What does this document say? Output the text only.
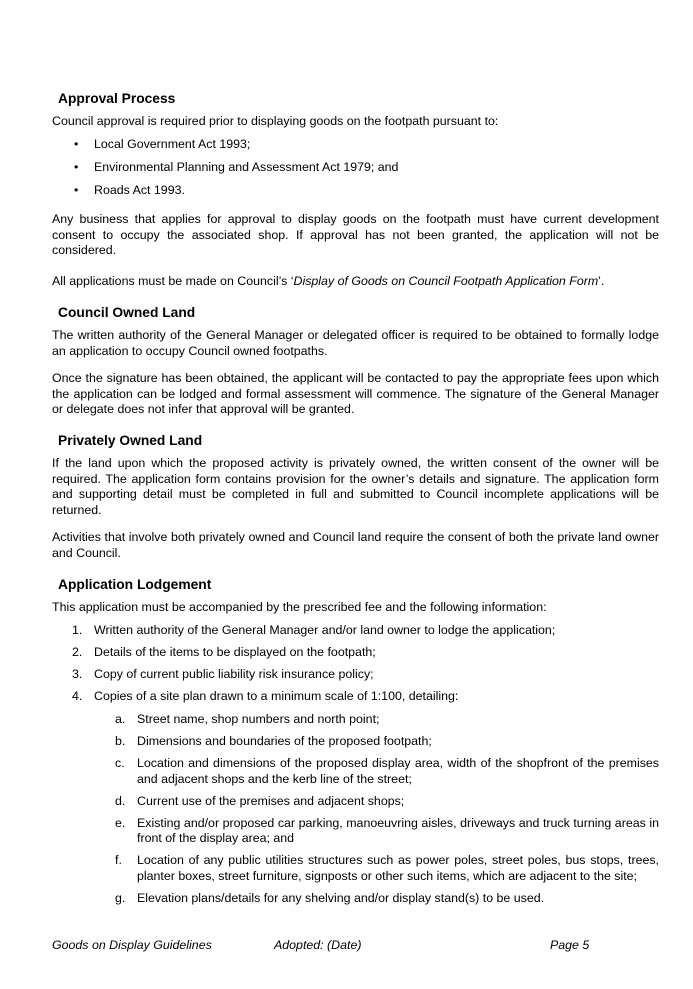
Approval Process

Council approval is required prior to displaying goods on the footpath pursuant to:

• Local Government Act 1993;
• Environmental Planning and Assessment Act 1979; and
• Roads Act 1993.

Any business that applies for approval to display goods on the footpath must have current development consent to occupy the associated shop. If approval has not been granted, the application will not be considered.

All applications must be made on Council’s ‘Display of Goods on Council Footpath Application Form’.

Council Owned Land

The written authority of the General Manager or delegated officer is required to be obtained to formally lodge an application to occupy Council owned footpaths.

Once the signature has been obtained, the applicant will be contacted to pay the appropriate fees upon which the application can be lodged and formal assessment will commence. The signature of the General Manager or delegate does not infer that approval will be granted.

Privately Owned Land

If the land upon which the proposed activity is privately owned, the written consent of the owner will be required. The application form contains provision for the owner’s details and signature. The application form and supporting detail must be completed in full and submitted to Council incomplete applications will be returned.

Activities that involve both privately owned and Council land require the consent of both the private land owner and Council.

Application Lodgement

This application must be accompanied by the prescribed fee and the following information:

1. Written authority of the General Manager and/or land owner to lodge the application;
2. Details of the items to be displayed on the footpath;
3. Copy of current public liability risk insurance policy;
4. Copies of a site plan drawn to a minimum scale of 1:100, detailing:
a. Street name, shop numbers and north point;
b. Dimensions and boundaries of the proposed footpath;
c. Location and dimensions of the proposed display area, width of the shopfront of the premises and adjacent shops and the kerb line of the street;
d. Current use of the premises and adjacent shops;
e. Existing and/or proposed car parking, manoeuvring aisles, driveways and truck turning areas in front of the display area; and
f. Location of any public utilities structures such as power poles, street poles, bus stops, trees, planter boxes, street furniture, signposts or other such items, which are adjacent to the site;
g. Elevation plans/details for any shelving and/or display stand(s) to be used.
Goods on Display Guidelines	Adopted: (Date)	Page 5
